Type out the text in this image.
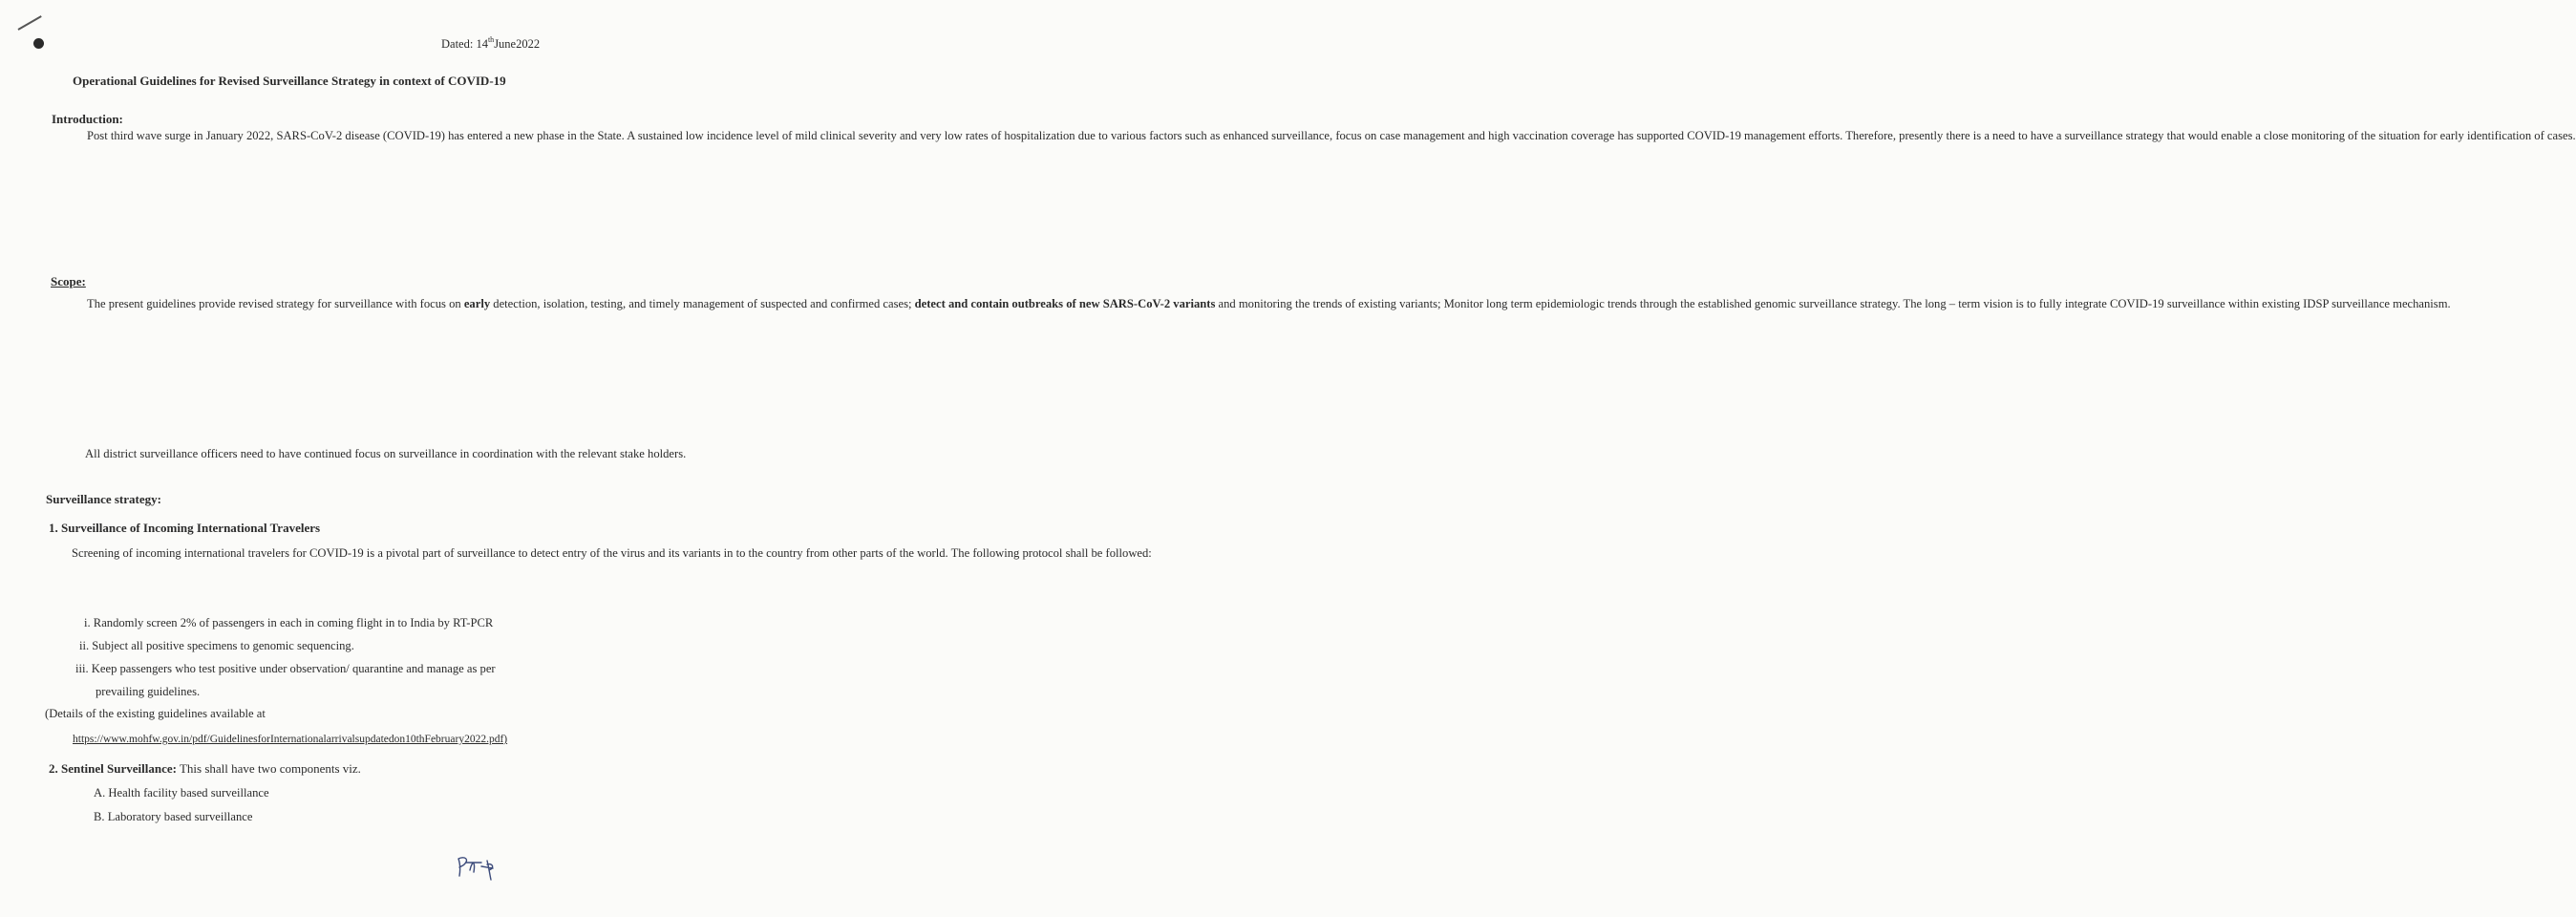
Dated: 14thJune2022
Operational Guidelines for Revised Surveillance Strategy in context of COVID-19
Introduction:

Post third wave surge in January 2022, SARS-CoV-2 disease (COVID-19) has entered a new phase in the State. A sustained low incidence level of mild clinical severity and very low rates of hospitalization due to various factors such as enhanced surveillance, focus on case management and high vaccination coverage has supported COVID-19 management efforts. Therefore, presently there is a need to have a surveillance strategy that would enable a close monitoring of the situation for early identification of cases.

Scope:

The present guidelines provide revised strategy for surveillance with focus on early detection, isolation, testing, and timely management of suspected and confirmed cases; detect and contain outbreaks of new SARS-CoV-2 variants and monitoring the trends of existing variants; Monitor long term epidemiologic trends through the established genomic surveillance strategy. The long – term vision is to fully integrate COVID-19 surveillance within existing IDSP surveillance mechanism.

All district surveillance officers need to have continued focus on surveillance in coordination with the relevant stake holders.

Surveillance strategy:
1. Surveillance of Incoming International Travelers
Screening of incoming international travelers for COVID-19 is a pivotal part of surveillance to detect entry of the virus and its variants in to the country from other parts of the world. The following protocol shall be followed:
i. Randomly screen 2% of passengers in each in coming flight in to India by RT-PCR
ii. Subject all positive specimens to genomic sequencing.
iii. Keep passengers who test positive under observation/ quarantine and manage as per
prevailing guidelines.
(Details of the existing guidelines available at
https://www.mohfw.gov.in/pdf/GuidelinesforInternationalarrivalsupdatedon10thFebruary2022.pdf)
2. Sentinel Surveillance: This shall have two components viz.
A. Health facility based surveillance
B. Laboratory based surveillance
